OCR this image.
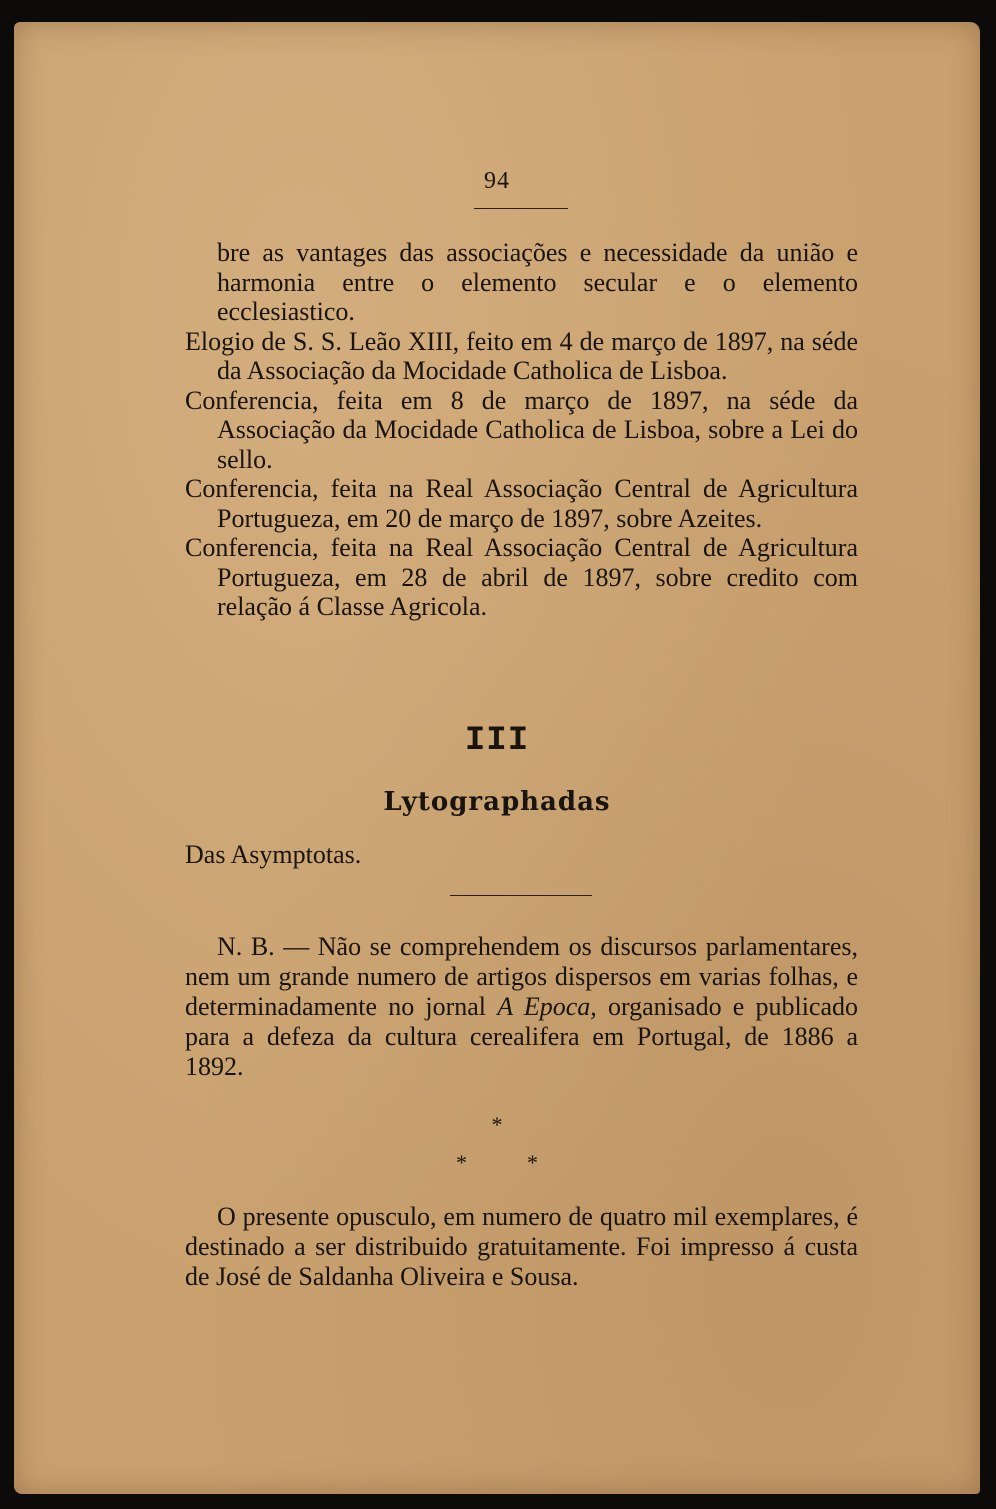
94

bre as vantages das associações e necessidade da união e harmonia entre o elemento secular e o elemento ecclesiastico.

Elogio de S. S. Leão XIII, feito em 4 de março de 1897, na séde da Associação da Mocidade Catholica de Lisboa.

Conferencia, feita em 8 de março de 1897, na séde da Associação da Mocidade Catholica de Lisboa, sobre a Lei do sello.

Conferencia, feita na Real Associação Central de Agricultura Portugueza, em 20 de março de 1897, sobre Azeites.

Conferencia, feita na Real Associação Central de Agricultura Portugueza, em 28 de abril de 1897, sobre credito com relação á Classe Agricola.

III
Lytographadas

Das Asymptotas.

N. B. — Não se comprehendem os discursos parlamentares, nem um grande numero de artigos dispersos em varias folhas, e determinadamente no jornal A Epoca, organisado e publicado para a defeza da cultura cerealifera em Portugal, de 1886 a 1892.

*
*	*

O presente opusculo, em numero de quatro mil exemplares, é destinado a ser distribuido gratuitamente. Foi impresso á custa de José de Saldanha Oliveira e Sousa.
